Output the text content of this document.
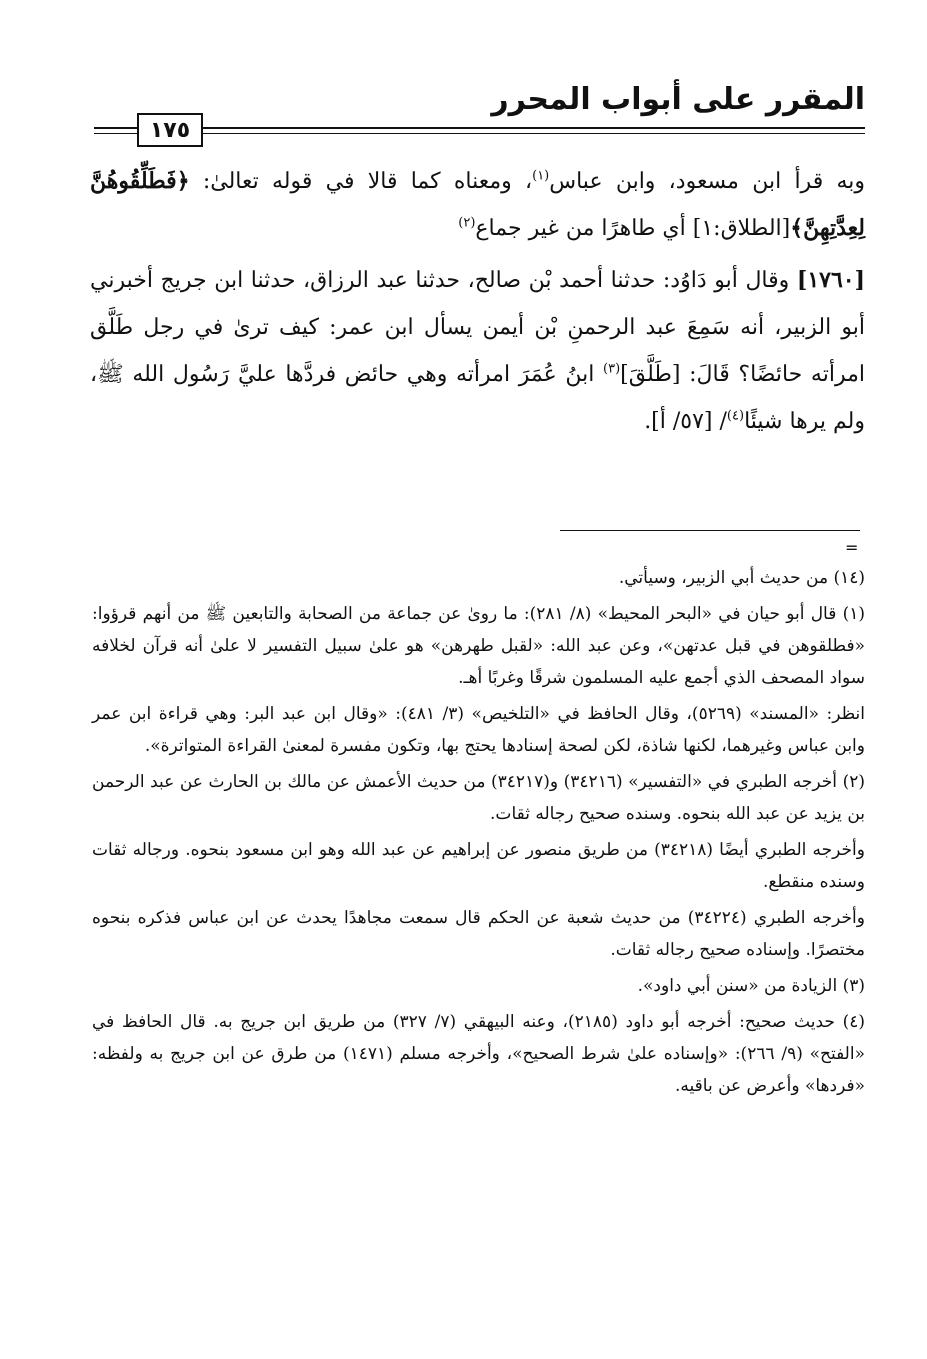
المقرر على أبواب المحرر
١٧٥

وبه قرأ ابن مسعود، وابن عباس$^{(١)}$، ومعناه كما قالا في قوله تعالىٰ: ﴿فَطَلِّقُوهُنَّ لِعِدَّتِهِنَّ﴾[الطلاق:١] أي طاهرًا من غير جماع$^{(٢)}$

[١٧٦٠] وقال أبو دَاوُد: حدثنا أحمد بْن صالح، حدثنا عبد الرزاق، حدثنا ابن جريج أخبرني أبو الزبير، أنه سَمِعَ عبد الرحمنِ بْن أيمن يسأل ابن عمر: كيف ترىٰ في رجل طَلَّق امرأته حائضًا؟ قَالَ: [طَلَّقَ]$^{(٣)}$ ابنُ عُمَرَ امرأته وهي حائض فردَّها عليَّ رَسُول الله ﷺ، ولم يرها شيئًا$^{(٤)}$/ [٥٧/ أ].

=

(١٤) من حديث أبي الزبير، وسيأتي.

(١) قال أبو حيان في «البحر المحيط» (٨/ ٢٨١): ما روىٰ عن جماعة من الصحابة والتابعين ﷺ من أنهم قرؤوا: «فطلقوهن في قبل عدتهن»، وعن عبد الله: «لقبل طهرهن» هو علىٰ سبيل التفسير لا علىٰ أنه قرآن لخلافه سواد المصحف الذي أجمع عليه المسلمون شرقًا وغربًا أهـ.

انظر: «المسند» (٥٢٦٩)، وقال الحافظ في «التلخيص» (٣/ ٤٨١): «وقال ابن عبد البر: وهي قراءة ابن عمر وابن عباس وغيرهما، لكنها شاذة، لكن لصحة إسنادها يحتج بها، وتكون مفسرة لمعنىٰ القراءة المتواترة».

(٢) أخرجه الطبري في «التفسير» (٣٤٢١٦) و(٣٤٢١٧) من حديث الأعمش عن مالك بن الحارث عن عبد الرحمن بن يزيد عن عبد الله بنحوه. وسنده صحيح رجاله ثقات.

وأخرجه الطبري أيضًا (٣٤٢١٨) من طريق منصور عن إبراهيم عن عبد الله وهو ابن مسعود بنحوه. ورجاله ثقات وسنده منقطع.

وأخرجه الطبري (٣٤٢٢٤) من حديث شعبة عن الحكم قال سمعت مجاهدًا يحدث عن ابن عباس فذكره بنحوه مختصرًا. وإسناده صحيح رجاله ثقات.

(٣) الزيادة من «سنن أبي داود».

(٤) حديث صحيح: أخرجه أبو داود (٢١٨٥)، وعنه البيهقي (٧/ ٣٢٧) من طريق ابن جريج به. قال الحافظ في «الفتح» (٩/ ٢٦٦): «وإسناده علىٰ شرط الصحيح»، وأخرجه مسلم (١٤٧١) من طرق عن ابن جريج به ولفظه: «فردها» وأعرض عن باقيه.
